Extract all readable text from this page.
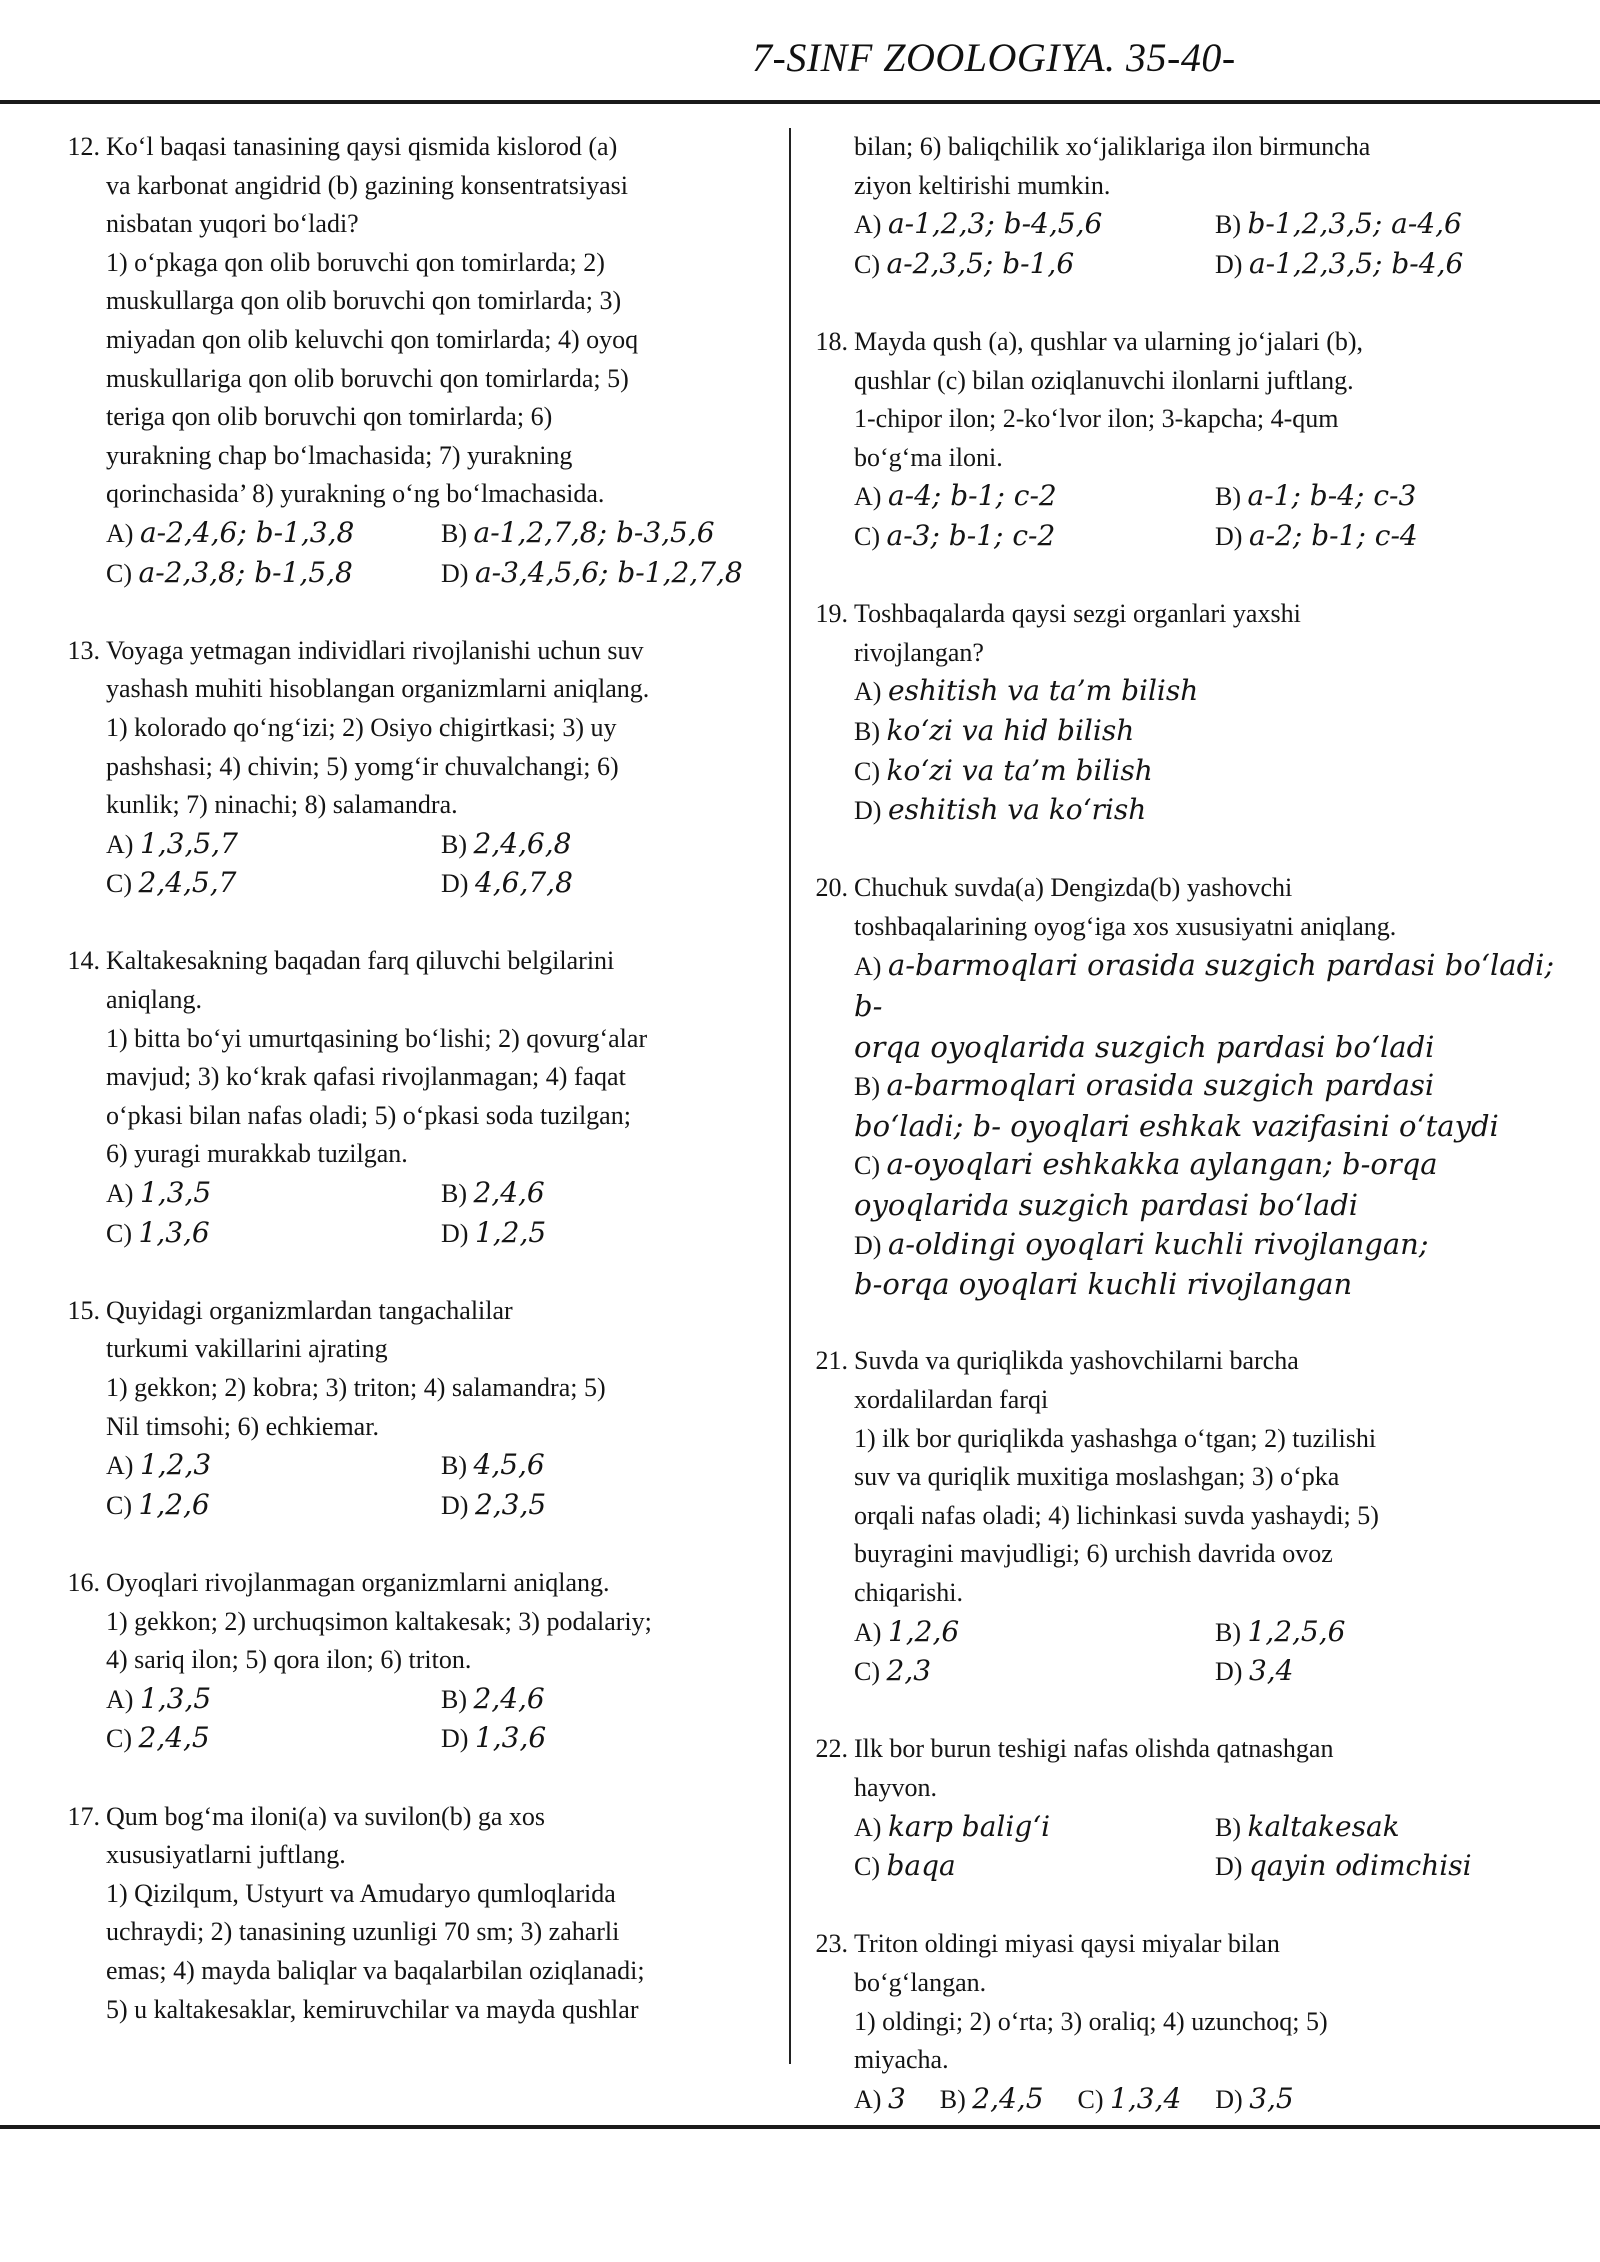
7-SINF ZOOLOGIYA. 35-40-
12. Ko‘l baqasi tanasining qaysi qismida kislorod (a)

va karbonat angidrid (b) gazining konsentratsiyasi

nisbatan yuqori bo‘ladi?

1) o‘pkaga qon olib boruvchi qon tomirlarda; 2)

muskullarga qon olib boruvchi qon tomirlarda; 3)

miyadan qon olib keluvchi qon tomirlarda; 4) oyoq

muskullariga qon olib boruvchi qon tomirlarda; 5)

teriga qon olib boruvchi qon tomirlarda; 6)

yurakning chap bo‘lmachasida; 7) yurakning

qorinchasida’ 8) yurakning o‘ng bo‘lmachasida.

A) a-2,4,6; b-1,3,8	B) a-1,2,7,8; b-3,5,6
C) a-2,3,8; b-1,5,8	D) a-3,4,5,6; b-1,2,7,8
13. Voyaga yetmagan individlari rivojlanishi uchun suv

yashash muhiti hisoblangan organizmlarni aniqlang.

1) kolorado qo‘ng‘izi; 2) Osiyo chigirtkasi; 3) uy

pashshasi; 4) chivin; 5) yomg‘ir chuvalchangi; 6)

kunlik; 7) ninachi; 8) salamandra.

A) 1,3,5,7	B) 2,4,6,8
C) 2,4,5,7	D) 4,6,7,8
14. Kaltakesakning baqadan farq qiluvchi belgilarini

aniqlang.

1) bitta bo‘yi umurtqasining bo‘lishi; 2) qovurg‘alar

mavjud; 3) ko‘krak qafasi rivojlanmagan; 4) faqat

o‘pkasi bilan nafas oladi; 5) o‘pkasi soda tuzilgan;

6) yuragi murakkab tuzilgan.

A) 1,3,5	B) 2,4,6
C) 1,3,6	D) 1,2,5
15. Quyidagi organizmlardan tangachalilar

turkumi vakillarini ajrating

1) gekkon; 2) kobra; 3) triton; 4) salamandra; 5)

Nil timsohi; 6) echkiemar.

A) 1,2,3	B) 4,5,6
C) 1,2,6	D) 2,3,5
16. Oyoqlari rivojlanmagan organizmlarni aniqlang.

1) gekkon; 2) urchuqsimon kaltakesak; 3) podalariy;

4) sariq ilon; 5) qora ilon; 6) triton.

A) 1,3,5	B) 2,4,6
C) 2,4,5	D) 1,3,6
17. Qum bog‘ma iloni(a) va suvilon(b) ga xos

xususiyatlarni juftlang.

1) Qizilqum, Ustyurt va Amudaryo qumloqlarida

uchraydi; 2) tanasining uzunligi 70 sm; 3) zaharli

emas; 4) mayda baliqlar va baqalarbilan oziqlanadi;

5) u kaltakesaklar, kemiruvchilar va mayda qushlar

bilan; 6) baliqchilik xo‘jaliklariga ilon birmuncha

ziyon keltirishi mumkin.

A) a-1,2,3; b-4,5,6	B) b-1,2,3,5; a-4,6
C) a-2,3,5; b-1,6	D) a-1,2,3,5; b-4,6
18. Mayda qush (a), qushlar va ularning jo‘jalari (b),

qushlar (c) bilan oziqlanuvchi ilonlarni juftlang.

1-chipor ilon; 2-ko‘lvor ilon; 3-kapcha; 4-qum

bo‘g‘ma iloni.

A) a-4; b-1; c-2	B) a-1; b-4; c-3
C) a-3; b-1; c-2	D) a-2; b-1; c-4
19. Toshbaqalarda qaysi sezgi organlari yaxshi

rivojlangan?

A) eshitish va ta’m bilish
B) ko‘zi va hid bilish
C) ko‘zi va ta’m bilish
D) eshitish va ko‘rish
20. Chuchuk suvda(a) Dengizda(b) yashovchi

toshbaqalarining oyog‘iga xos xususiyatni aniqlang.

A) a-barmoqlari orasida suzgich pardasi bo‘ladi; b-
orqa oyoqlarida suzgich pardasi bo‘ladi
B) a-barmoqlari orasida suzgich pardasi
bo‘ladi; b- oyoqlari eshkak vazifasini o‘taydi
C) a-oyoqlari eshkakka aylangan; b-orqa
oyoqlarida suzgich pardasi bo‘ladi
D) a-oldingi oyoqlari kuchli rivojlangan;
b-orqa oyoqlari kuchli rivojlangan
21. Suvda va quriqlikda yashovchilarni barcha

xordalilardan farqi

1) ilk bor quriqlikda yashashga o‘tgan; 2) tuzilishi

suv va quriqlik muxitiga moslashgan; 3) o‘pka

orqali nafas oladi; 4) lichinkasi suvda yashaydi; 5)

buyragini mavjudligi; 6) urchish davrida ovoz

chiqarishi.

A) 1,2,6	B) 1,2,5,6
C) 2,3	D) 3,4
22. Ilk bor burun teshigi nafas olishda qatnashgan

hayvon.

A) karp balig‘i	B) kaltakesak
C) baqa	D) qayin odimchisi
23. Triton oldingi miyasi qaysi miyalar bilan

bo‘g‘langan.

1) oldingi; 2) o‘rta; 3) oraliq; 4) uzunchoq; 5)

miyacha.

A) 3 B) 2,4,5 C) 1,3,4 D) 3,5
